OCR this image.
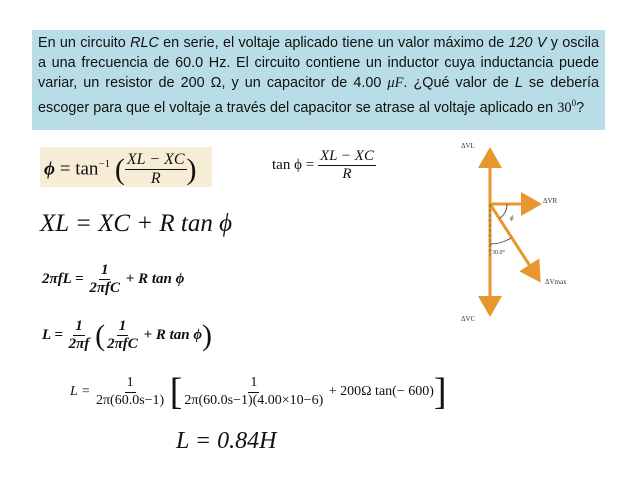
En un circuito RLC en serie, el voltaje aplicado tiene un valor máximo de 120 V y oscila a una frecuencia de 60.0 Hz. El circuito contiene un inductor cuya inductancia puede variar, un resistor de 200 Ω, y un capacitor de 4.00 μF. ¿Qué valor de L se debería escoger para que el voltaje a través del capacitor se atrase al voltaje aplicado en $30^0$?

$\phi = \tan^{-1}$ ( $\frac{XL - XC}{R}$ )	$\tan \phi = \frac{XL - XC}{R}$
XL = XC + R tan ϕ
$2\pi fL = \frac{1}{\text{2πfC}} + R$ tan ϕ
$L = \frac{1}{2\pi f}$ ( $\frac{1}{\text{2πfC}} + R$ tan ϕ)
$L = \frac{1}{2\pi(60.0s-1)}$ [ $\frac{1}{2\pi(60.0s-1)(4.00\times 10-6)} + 200\Omega$ tan(− 600)]
L = 0.84H
ΔVL
ΔVR
ΔVmax
ΔVC
ϕ
30.0°
